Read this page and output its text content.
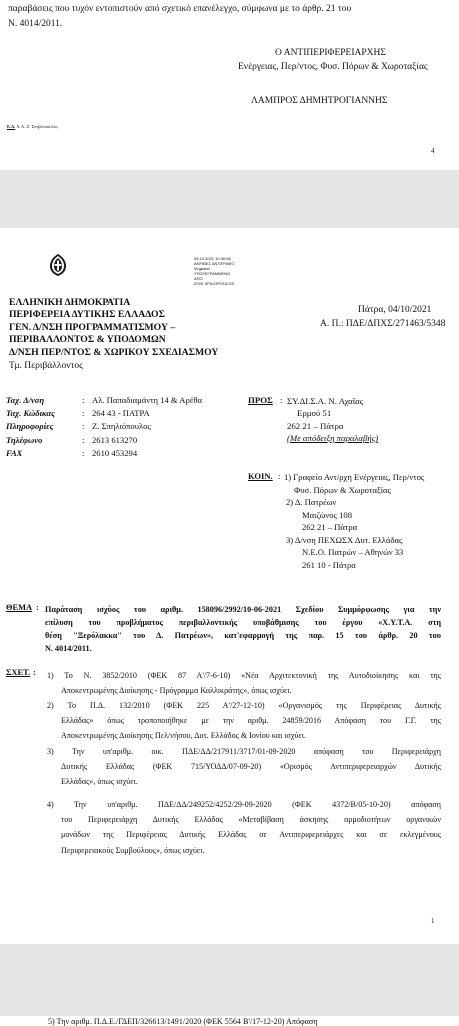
παραβάσεις που τυχόν εντοπιστούν από σχετικό επανέλεγχο, σύμφωνα με το άρθρ. 21 του
Ν. 4014/2011.
Ο ΑΝΤΙΠΕΡΙΦΕΡΕΙΑΡΧΗΣ
Ενέργειας, Περ/ντος, Φυσ. Πόρων & Χωροταξίας
ΛΑΜΠΡΟΣ ΔΗΜΗΤΡΟΓΙΑΝΝΗΣ
Ε.Δ. Χ.Α. Ζ. Σπηλιόπουλος
4
05.10.2021 10:39:58
ΑΚΡΙΒΕΣ ΑΝΤΙΓΡΑΦΟ
Ψηφιακά
ΥΠΟΓΕΓΡΑΜΜΕΝΟ
ΑΠΟ
ZOIS SPILIOPOULOS
ΕΛΛΗΝΙΚΗ ΔΗΜΟΚΡΑΤΙΑ
ΠΕΡΙΦΕΡΕΙΑ ΔΥΤΙΚΗΣ ΕΛΛΑΔΟΣ
ΓΕΝ. Δ/ΝΣΗ ΠΡΟΓΡΑΜΜΑΤΙΣΜΟΥ –
ΠΕΡΙΒΑΛΛΟΝΤΟΣ & ΥΠΟΔΟΜΩΝ
Δ/ΝΣΗ ΠΕΡ/ΝΤΟΣ & ΧΩΡΙΚΟΥ ΣΧΕΔΙΑΣΜΟΥ
Τμ. Περιβάλλοντος
Πάτρα, 04/10/2021
Α. Π.: ΠΔΕ/ΔΠΧΣ/271463/5348
Ταχ. Δ/νση	: Αλ. Παπαδιαμάντη 14 & Αρέθα
Ταχ. Κώδικας	: 264 43 - ΠΑΤΡΑ
Πληροφορίες	: Ζ. Σπηλιόπουλος
Τηλέφωνο	: 2613 613270
FAX	: 2610 453294
ΠΡΟΣ : ΣΥ.ΔΙ.Σ.Α. Ν. Αχαΐας
Ερμού 51
262 21 – Πάτρα
(Με απόδειξη παραλαβής)
ΚΟΙΝ. : 1) Γραφείο Αντ/ρχη Ενέργειας, Περ/ντος
Φυσ. Πόρων & Χωροταξίας
2) Δ. Πατρέων
Μαιζώνος 108
262 21 – Πάτρα
3) Δ/νση ΠΕΧΩΣΧ Δυτ. Ελλάδας
Ν.Ε.Ο. Πατρών – Αθηνών 33
261 10 - Πάτρα
ΘΕΜΑ : Παράταση ισχύος του αριθμ. 158096/2992/10-06-2021 Σχεδίου Συμμόρφωσης για την
επίλυση του προβλήματος περιβαλλοντικής υποβάθμισης του έργου «Χ.Υ.Τ.Α. στη
θέση ''Ξερόλακκα'' του Δ. Πατρέων», κατ'εφαρμογή της παρ. 15 του άρθρ. 20 του
Ν. 4014/2011.
ΣΧΕΤ. : 1) Το Ν. 3852/2010 (ΦΕΚ 87 Α'/7-6-10) «Νέα Αρχιτεκτονική της Αυτοδιοίκησης και της
Αποκεντρωμένης Διοίκησης - Πρόγραμμα Καλλικράτης», όπως ισχύει.
2) Το Π.Δ. 132/2010 (ΦΕΚ 225 Α'/27-12-10) «Οργανισμός της Περιφέρειας Δυτικής
Ελλάδας» όπως τροποποιήθηκε με την αριθμ. 24859/2016 Απόφαση του Γ.Γ. της
Αποκεντρωμένης Διοίκησης Πελ/νήσου, Δυτ. Ελλάδος & Ιονίου και ισχύει.
3) Την υπ'αριθμ. οικ. ΠΔΕ/ΔΔ/217911/3717/01-09-2020 απόφαση του Περιφερειάρχη
Δυτικής Ελλάδας (ΦΕΚ 715/ΥΟΔΔ/07-09-20) «Ορισμός Αντιπεριφερειαρχών Δυτικής
Ελλάδας», όπως ισχύει.
4) Την υπ'αριθμ. ΠΔΕ/ΔΔ/249252/4252/29-09-2020 (ΦΕΚ 4372/Β/05-10-20) απόφαση
του Περιφερειάρχη Δυτικής Ελλάδας «Μεταβίβαση άσκησης αρμοδιοτήτων οργανικών
μονάδων της Περιφέρειας Δυτικής Ελλάδας σε Αντιπεριφερειάρχες και σε εκλεγμένους
Περιφερειακούς Συμβούλους», όπως ισχύει.
1
5) Την αριθμ. Π.Δ.Ε./ΓΔΕΠ/326613/1491/2020 (ΦΕΚ 5564 Β'/17-12-20) Απόφαση
